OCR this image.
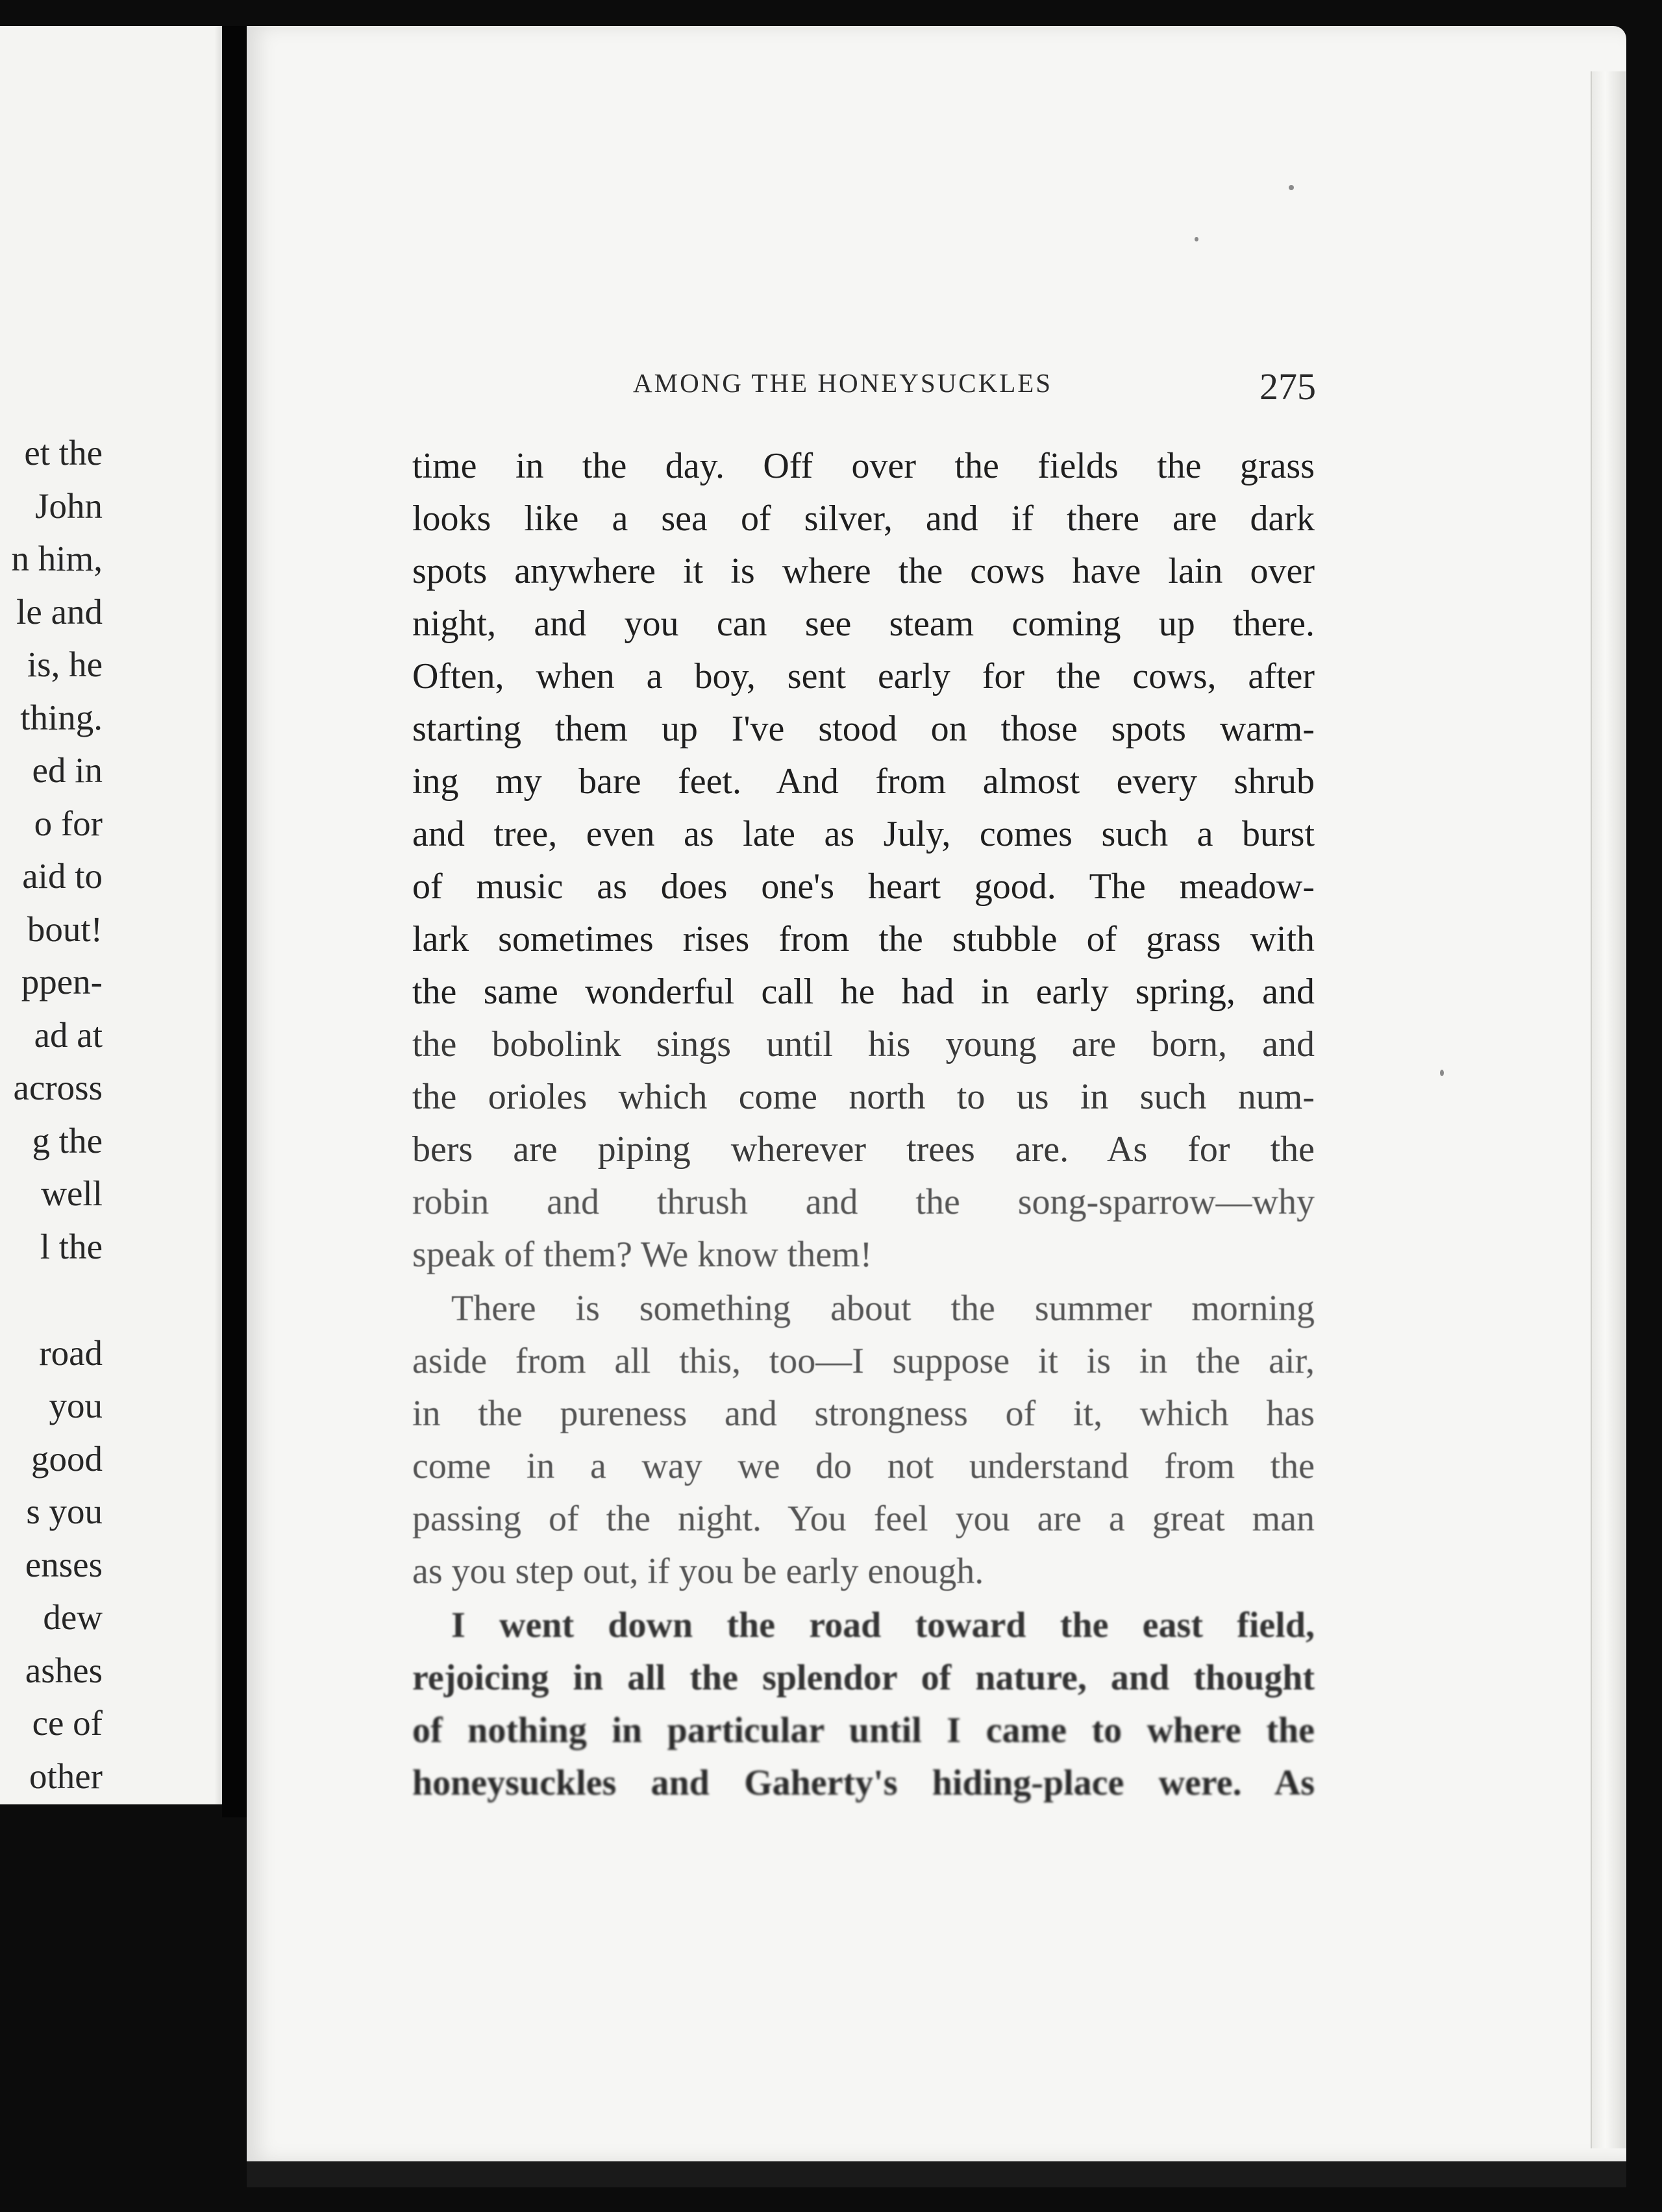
et the
John
n him,
le and
is, he
thing.
ed in
o for
aid to
bout!
ppen-
ad at
across
g the
well
l the
road
you
good
s you
enses
dew
ashes
ce of
other
AMONG THE HONEYSUCKLES	275
time in the day. Off over the fields the grass
looks like a sea of silver, and if there are dark
spots anywhere it is where the cows have lain over
night, and you can see steam coming up there.
Often, when a boy, sent early for the cows, after
starting them up I've stood on those spots warm-
ing my bare feet. And from almost every shrub
and tree, even as late as July, comes such a burst
of music as does one's heart good. The meadow-
lark sometimes rises from the stubble of grass with
the same wonderful call he had in early spring, and
the bobolink sings until his young are born, and
the orioles which come north to us in such num-
bers are piping wherever trees are. As for the
robin and thrush and the song-sparrow—why
speak of them? We know them!
There is something about the summer morning
aside from all this, too—I suppose it is in the air,
in the pureness and strongness of it, which has
come in a way we do not understand from the
passing of the night. You feel you are a great man
as you step out, if you be early enough.
I went down the road toward the east field,
rejoicing in all the splendor of nature, and thought
of nothing in particular until I came to where the
honeysuckles and Gaherty's hiding-place were. As
